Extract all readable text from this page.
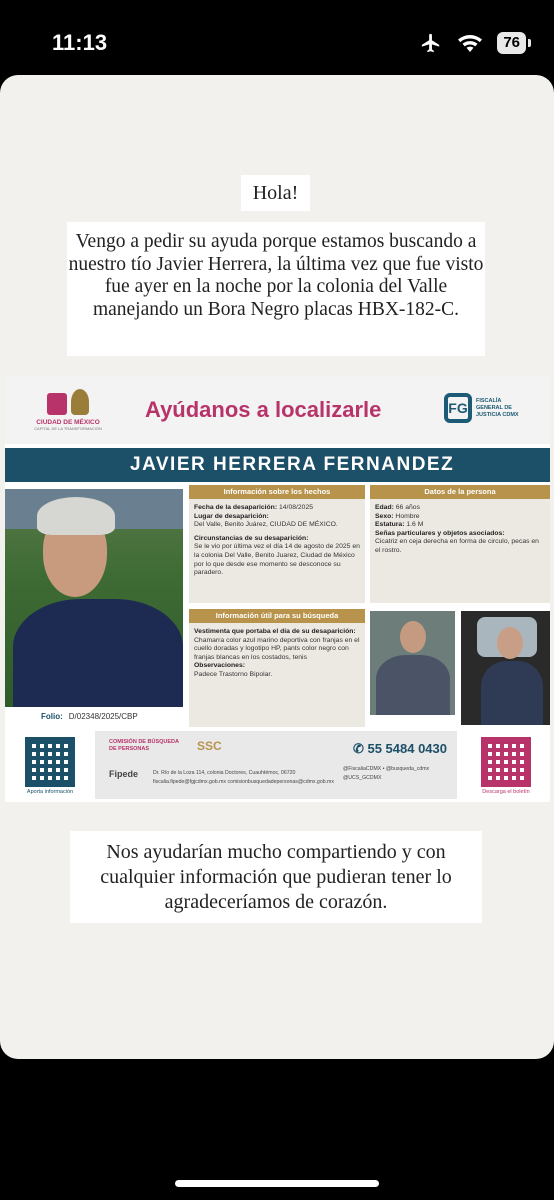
11:13	76
Hola!
Vengo a pedir su ayuda porque estamos buscando a nuestro tío Javier Herrera, la última vez que fue visto fue ayer en la noche por la colonia del Valle manejando un Bora Negro placas HBX-182-C.
CIUDAD DE MÉXICO
CAPITAL DE LA TRANSFORMACIÓN
Ayúdanos a localizarle	FG	FISCALÍA GENERAL DE JUSTICIA CDMX
JAVIER HERRERA FERNANDEZ
Folio: D/02348/2025/CBP
Información sobre los hechos
Fecha de la desaparición: 14/08/2025
Lugar de desaparición:
Del Valle, Benito Juárez, CIUDAD DE MÉXICO.
Circunstancias de su desaparición:
Se le vio por última vez el día 14 de agosto de 2025 en la colonia Del Valle, Benito Juarez, Ciudad de México por lo que desde ese momento se desconoce su paradero.
Datos de la persona
Edad: 66 años
Sexo: Hombre
Estatura: 1.6 M
Señas particulares y objetos asociados:
Cicatriz en ceja derecha en forma de circulo, pecas en el rostro.
Información útil para su búsqueda
Vestimenta que portaba el día de su desaparición:
Chamarra color azul marino deportiva con franjas en el cuello doradas y logotipo HP, pants color negro con franjas blancas en los costados, tenis
Observaciones:
Padece Trastorno Bipolar.
Aporta información	Descarga el boletín
COMISIÓN DE BÚSQUEDA DE PERSONAS	SSC	✆ 55 5484 0430
Fipede	Dr. Río de la Loza 114, colonia Doctores, Cuauhtémoc, 06720
fiscalia.fipede@fgjcdmx.gob.mx comisionbusquedadepersonas@cdmx.gob.mx
@FiscaliaCDMX • @busqueda_cdmx
@UCS_GCDMX
Nos ayudarían mucho compartiendo y con cualquier información que pudieran tener lo agradeceríamos de corazón.
